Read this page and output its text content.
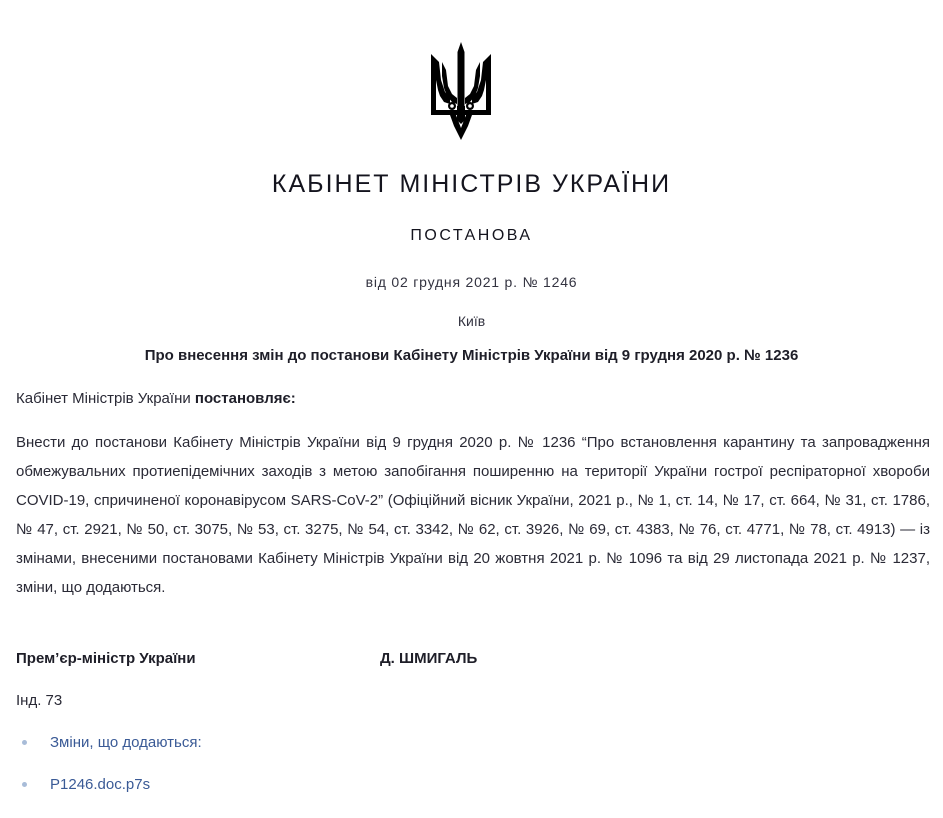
КАБІНЕТ МІНІСТРІВ УКРАЇНИ
ПОСТАНОВА
від 02 грудня 2021 р. № 1246
Київ
Про внесення змін до постанови Кабінету Міністрів України від 9 грудня 2020 р. № 1236
Кабінет Міністрів України постановляє:
Внести до постанови Кабінету Міністрів України від 9 грудня 2020 р. № 1236 “Про встановлення карантину та запровадження обмежувальних протиепідемічних заходів з метою запобігання поширенню на території України гострої респіраторної хвороби COVID-19, спричиненої коронавірусом SARS-CoV-2” (Офіційний вісник України, 2021 р., № 1, ст. 14, № 17, ст. 664, № 31, ст. 1786, № 47, ст. 2921, № 50, ст. 3075, № 53, ст. 3275, № 54, ст. 3342, № 62, ст. 3926, № 69, ст. 4383, № 76, ст. 4771, № 78, ст. 4913) — із змінами, внесеними постановами Кабінету Міністрів України від 20 жовтня 2021 р. № 1096 та від 29 листопада 2021 р. № 1237, зміни, що додаються.
Прем’єр-міністр України	Д. ШМИГАЛЬ
Інд. 73
Зміни, що додаються:
P1246.doc.p7s
